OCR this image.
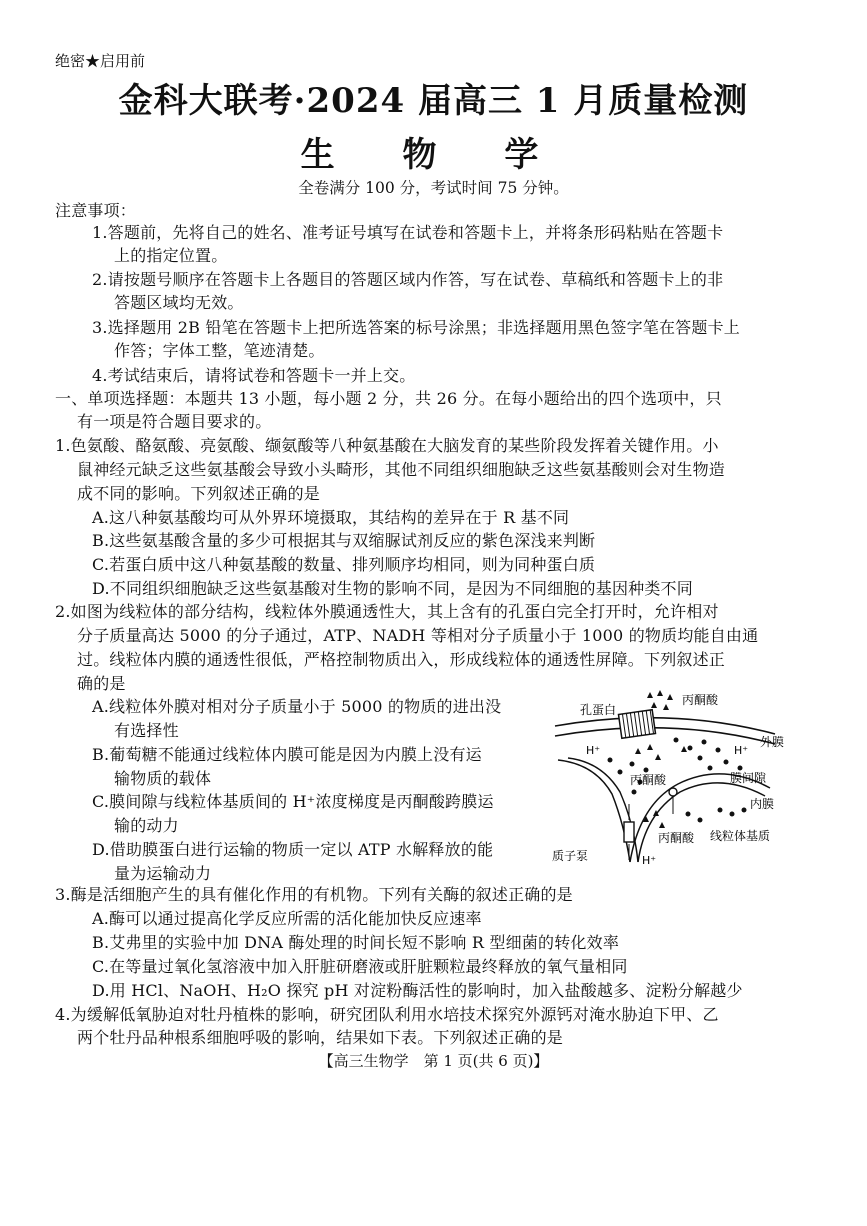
绝密★启用前
金科大联考·2024 届高三 1 月质量检测
生 物 学
全卷满分 100 分，考试时间 75 分钟。
注意事项：
1.答题前，先将自己的姓名、准考证号填写在试卷和答题卡上，并将条形码粘贴在答题卡
上的指定位置。
2.请按题号顺序在答题卡上各题目的答题区域内作答，写在试卷、草稿纸和答题卡上的非
答题区域均无效。
3.选择题用 2B 铅笔在答题卡上把所选答案的标号涂黑；非选择题用黑色签字笔在答题卡上
作答；字体工整，笔迹清楚。
4.考试结束后，请将试卷和答题卡一并上交。
一、单项选择题：本题共 13 小题，每小题 2 分，共 26 分。在每小题给出的四个选项中，只
有一项是符合题目要求的。
1.色氨酸、酪氨酸、亮氨酸、缬氨酸等八种氨基酸在大脑发育的某些阶段发挥着关键作用。小
鼠神经元缺乏这些氨基酸会导致小头畸形，其他不同组织细胞缺乏这些氨基酸则会对生物造
成不同的影响。下列叙述正确的是
A.这八种氨基酸均可从外界环境摄取，其结构的差异在于 R 基不同
B.这些氨基酸含量的多少可根据其与双缩脲试剂反应的紫色深浅来判断
C.若蛋白质中这八种氨基酸的数量、排列顺序均相同，则为同种蛋白质
D.不同组织细胞缺乏这些氨基酸对生物的影响不同，是因为不同细胞的基因种类不同
2.如图为线粒体的部分结构，线粒体外膜通透性大，其上含有的孔蛋白完全打开时，允许相对
分子质量高达 5000 的分子通过，ATP、NADH 等相对分子质量小于 1000 的物质均能自由通
过。线粒体内膜的通透性很低，严格控制物质出入，形成线粒体的通透性屏障。下列叙述正
确的是
A.线粒体外膜对相对分子质量小于 5000 的物质的进出没
有选择性
B.葡萄糖不能通过线粒体内膜可能是因为内膜上没有运
输物质的载体
C.膜间隙与线粒体基质间的 H⁺浓度梯度是丙酮酸跨膜运
输的动力
D.借助膜蛋白进行运输的物质一定以 ATP 水解释放的能
量为运输动力
孔蛋白
丙酮酸
外膜
H⁺	H⁺
丙酮酸	膜间隙
内膜
丙酮酸 线粒体基质
质子泵	H⁺
3.酶是活细胞产生的具有催化作用的有机物。下列有关酶的叙述正确的是
A.酶可以通过提高化学反应所需的活化能加快反应速率
B.艾弗里的实验中加 DNA 酶处理的时间长短不影响 R 型细菌的转化效率
C.在等量过氧化氢溶液中加入肝脏研磨液或肝脏颗粒最终释放的氧气量相同
D.用 HCl、NaOH、H₂O 探究 pH 对淀粉酶活性的影响时，加入盐酸越多、淀粉分解越少
4.为缓解低氧胁迫对牡丹植株的影响，研究团队利用水培技术探究外源钙对淹水胁迫下甲、乙
两个牡丹品种根系细胞呼吸的影响，结果如下表。下列叙述正确的是
【高三生物学　第 1 页(共 6 页)】
